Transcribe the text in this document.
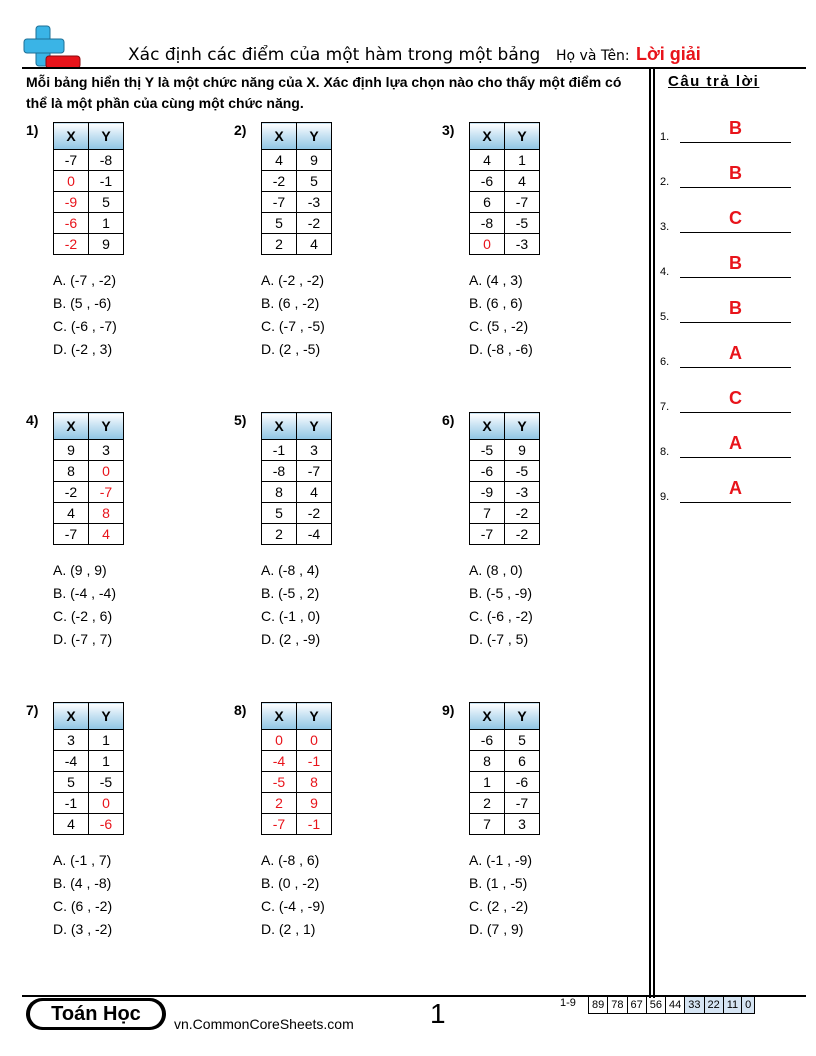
Xác định các điểm của một hàm trong một bảng Họ và Tên: Lời giải
Mỗi bảng hiển thị Y là một chức năng của X. Xác định lựa chọn nào cho thấy một điểm có thể là một phần của cùng một chức năng.
Câu trả lời
1.	B
2.	B
3.	C
4.	B
5.	B
6.	A
7.	C
8.	A
9.	A
1) X	Y
-7	-8
0	-1
-9	5
-6	1
-2	9
A. (-7 , -2)
B. (5 , -6)
C. (-6 , -7)
D. (-2 , 3)
2) X	Y
4	9
-2	5
-7	-3
5	-2
2	4
A. (-2 , -2)
B. (6 , -2)
C. (-7 , -5)
D. (2 , -5)
3) X	Y
4	1
-6	4
6	-7
-8	-5
0	-3
A. (4 , 3)
B. (6 , 6)
C. (5 , -2)
D. (-8 , -6)
4) X	Y
9	3
8	0
-2	-7
4	8
-7	4
A. (9 , 9)
B. (-4 , -4)
C. (-2 , 6)
D. (-7 , 7)
5) X	Y
-1	3
-8	-7
8	4
5	-2
2	-4
A. (-8 , 4)
B. (-5 , 2)
C. (-1 , 0)
D. (2 , -9)
6) X	Y
-5	9
-6	-5
-9	-3
7	-2
-7	-2
A. (8 , 0)
B. (-5 , -9)
C. (-6 , -2)
D. (-7 , 5)
7) X	Y
3	1
-4	1
5	-5
-1	0
4	-6
A. (-1 , 7)
B. (4 , -8)
C. (6 , -2)
D. (3 , -2)
8) X	Y
0	0
-4	-1
-5	8
2	9
-7	-1
A. (-8 , 6)
B. (0 , -2)
C. (-4 , -9)
D. (2 , 1)
9) X	Y
-6	5
8	6
1	-6
2	-7
7	3
A. (-1 , -9)
B. (1 , -5)
C. (2 , -2)
D. (7 , 9)
Toán Học	vn.CommonCoreSheets.com	1	1-9 89	78	67	56	44	33	22	11	0
